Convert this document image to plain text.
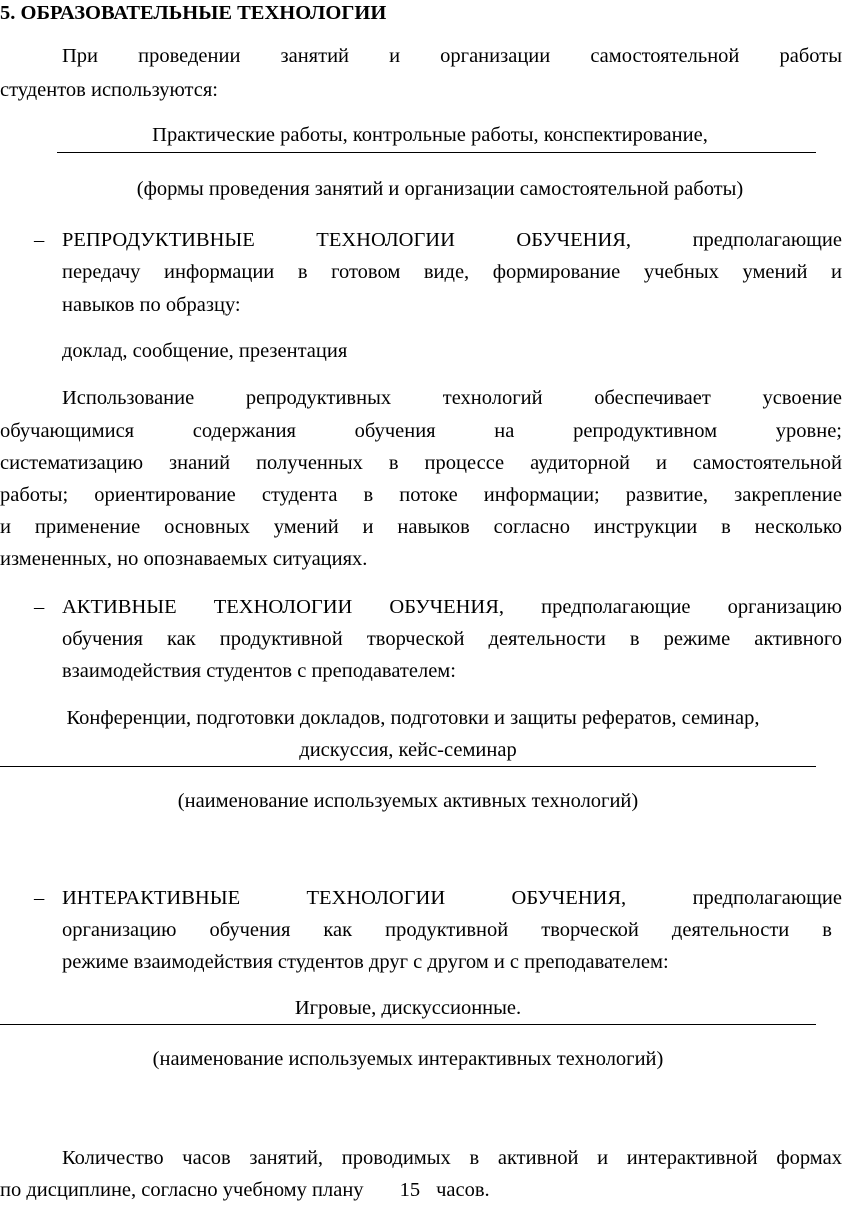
5. ОБРАЗОВАТЕЛЬНЫЕ ТЕХНОЛОГИИ
При проведении занятий и организации самостоятельной работы
студентов используются:
Практические работы, контрольные работы, конспектирование,
(формы проведения занятий и организации самостоятельной работы)
– РЕПРОДУКТИВНЫЕ ТЕХНОЛОГИИ ОБУЧЕНИЯ,	предполагающие
передачу информации в готовом виде, формирование учебных умений и
навыков по образцу:
доклад, сообщение, презентация
Использование репродуктивных технологий обеспечивает усвоение
обучающимися содержания обучения на репродуктивном уровне;
систематизацию знаний полученных в процессе аудиторной и самостоятельной
работы; ориентирование студента в потоке информации; развитие, закрепление
и применение основных умений и навыков согласно инструкции в несколько
измененных, но опознаваемых ситуациях.
– АКТИВНЫЕ ТЕХНОЛОГИИ ОБУЧЕНИЯ, предполагающие организацию
обучения как продуктивной творческой деятельности в режиме активного
взаимодействия студентов с преподавателем:
Конференции, подготовки докладов, подготовки и защиты рефератов, семинар,
дискуссия, кейс-семинар
(наименование используемых активных технологий)
– ИНТЕРАКТИВНЫЕ ТЕХНОЛОГИИ ОБУЧЕНИЯ,	предполагающие
организацию обучения как продуктивной творческой деятельности в
режиме взаимодействия студентов друг с другом и с преподавателем:
Игровые, дискуссионные.
(наименование используемых интерактивных технологий)
Количество часов занятий, проводимых в активной и интерактивной формах
по дисциплине, согласно учебному плану 15 часов.
